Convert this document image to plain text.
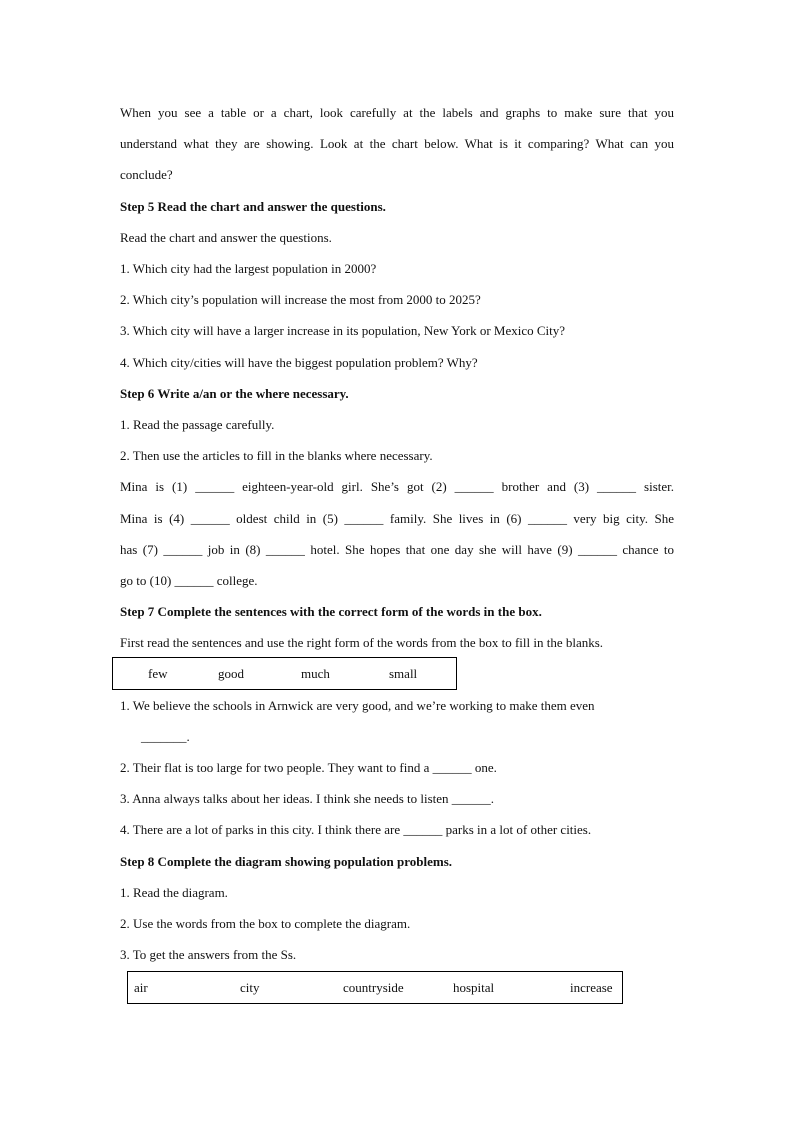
When you see a table or a chart, look carefully at the labels and graphs to make sure that you
understand what they are showing. Look at the chart below. What is it comparing? What can you
conclude?
Step 5 Read the chart and answer the questions.
Read the chart and answer the questions.
1. Which city had the largest population in 2000?
2. Which city’s population will increase the most from 2000 to 2025?
3. Which city will have a larger increase in its population, New York or Mexico City?
4. Which city/cities will have the biggest population problem? Why?
Step 6 Write a/an or the where necessary.
1. Read the passage carefully.
2. Then use the articles to fill in the blanks where necessary.
Mina is (1) ______ eighteen-year-old girl. She’s got (2) ______ brother and (3) ______ sister.
Mina is (4) ______ oldest child in (5) ______ family. She lives in (6) ______ very big city. She
has (7) ______ job in (8) ______ hotel. She hopes that one day she will have (9) ______ chance to
go to (10) ______ college.
Step 7 Complete the sentences with the correct form of the words in the box.
First read the sentences and use the right form of the words from the box to fill in the blanks.
1. We believe the schools in Arnwick are very good, and we’re working to make them even
_______.
2. Their flat is too large for two people. They want to find a ______ one.
3. Anna always talks about her ideas. I think she needs to listen ______.
4. There are a lot of parks in this city. I think there are ______ parks in a lot of other cities.
Step 8 Complete the diagram showing population problems.
1. Read the diagram.
2. Use the words from the box to complete the diagram.
3. To get the answers from the Ss.
few	good	much	small
air	city	countryside	hospital	increase
